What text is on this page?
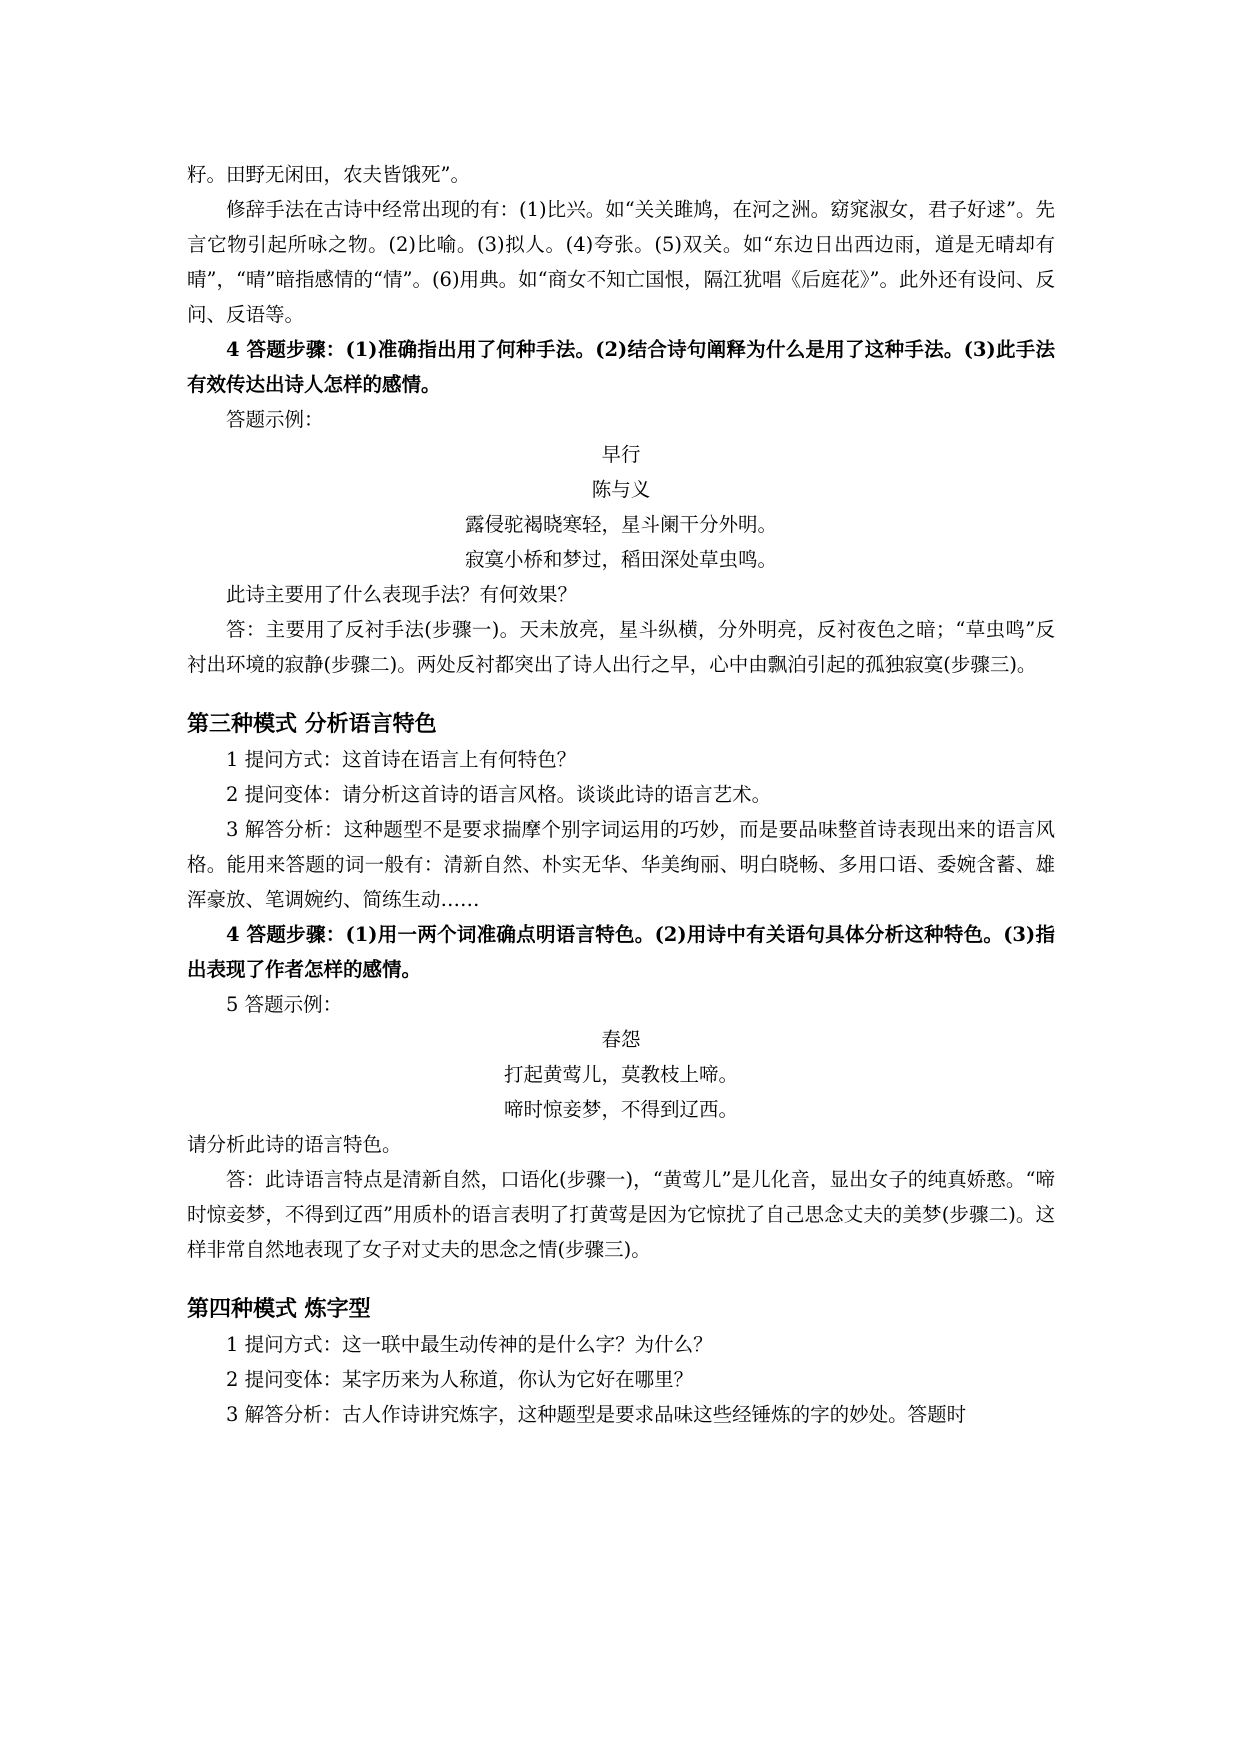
籽。田野无闲田，农夫皆饿死”。

修辞手法在古诗中经常出现的有：(1)比兴。如“关关雎鸠，在河之洲。窈窕淑女，君子好逑”。先言它物引起所咏之物。(2)比喻。(3)拟人。(4)夸张。(5)双关。如“东边日出西边雨，道是无晴却有晴”，“晴”暗指感情的“情”。(6)用典。如“商女不知亡国恨，隔江犹唱《后庭花》”。此外还有设问、反问、反语等。

4 答题步骤：(1)准确指出用了何种手法。(2)结合诗句阐释为什么是用了这种手法。(3)此手法有效传达出诗人怎样的感情。

答题示例：

早行

陈与义

露侵驼褐晓寒轻，星斗阑干分外明。

寂寞小桥和梦过，稻田深处草虫鸣。

此诗主要用了什么表现手法？有何效果？

答：主要用了反衬手法(步骤一)。天未放亮，星斗纵横，分外明亮，反衬夜色之暗；“草虫鸣”反衬出环境的寂静(步骤二)。两处反衬都突出了诗人出行之早，心中由飘泊引起的孤独寂寞(步骤三)。

第三种模式 分析语言特色

1 提问方式：这首诗在语言上有何特色？

2 提问变体：请分析这首诗的语言风格。谈谈此诗的语言艺术。

3 解答分析：这种题型不是要求揣摩个别字词运用的巧妙，而是要品味整首诗表现出来的语言风格。能用来答题的词一般有：清新自然、朴实无华、华美绚丽、明白晓畅、多用口语、委婉含蓄、雄浑豪放、笔调婉约、简练生动……

4 答题步骤：(1)用一两个词准确点明语言特色。(2)用诗中有关语句具体分析这种特色。(3)指出表现了作者怎样的感情。

5 答题示例：

春怨

打起黄莺儿，莫教枝上啼。

啼时惊妾梦，不得到辽西。

请分析此诗的语言特色。

答：此诗语言特点是清新自然，口语化(步骤一)，“黄莺儿”是儿化音，显出女子的纯真娇憨。“啼时惊妾梦，不得到辽西”用质朴的语言表明了打黄莺是因为它惊扰了自己思念丈夫的美梦(步骤二)。这样非常自然地表现了女子对丈夫的思念之情(步骤三)。

第四种模式 炼字型

1 提问方式：这一联中最生动传神的是什么字？为什么？

2 提问变体：某字历来为人称道，你认为它好在哪里？

3 解答分析：古人作诗讲究炼字，这种题型是要求品味这些经锤炼的字的妙处。答题时
